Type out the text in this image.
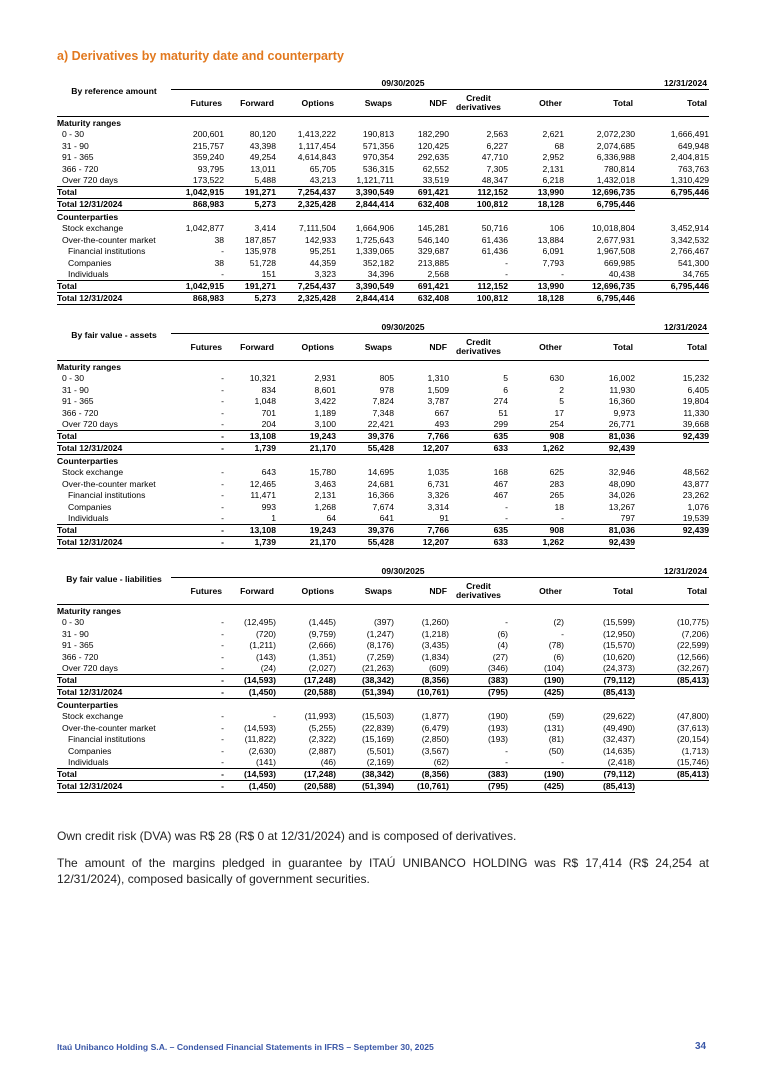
a) Derivatives by maturity date and counterparty
By reference amount	09/30/2025								12/31/2024
	Futures	Forward	Options	Swaps	NDF	Credit derivatives	Other	Total	Total
Maturity ranges									
0 - 30	200,601	80,120	1,413,222	190,813	182,290	2,563	2,621	2,072,230	1,666,491
31 - 90	215,757	43,398	1,117,454	571,356	120,425	6,227	68	2,074,685	649,948
91 - 365	359,240	49,254	4,614,843	970,354	292,635	47,710	2,952	6,336,988	2,404,815
366 - 720	93,795	13,011	65,705	536,315	62,552	7,305	2,131	780,814	763,763
Over 720 days	173,522	5,488	43,213	1,121,711	33,519	48,347	6,218	1,432,018	1,310,429
Total	1,042,915	191,271	7,254,437	3,390,549	691,421	112,152	13,990	12,696,735	6,795,446
Total 12/31/2024	868,983	5,273	2,325,428	2,844,414	632,408	100,812	18,128	6,795,446	
Counterparties									
Stock exchange	1,042,877	3,414	7,111,504	1,664,906	145,281	50,716	106	10,018,804	3,452,914
Over-the-counter market	38	187,857	142,933	1,725,643	546,140	61,436	13,884	2,677,931	3,342,532
Financial institutions	-	135,978	95,251	1,339,065	329,687	61,436	6,091	1,967,508	2,766,467
Companies	38	51,728	44,359	352,182	213,885	-	7,793	669,985	541,300
Individuals	-	151	3,323	34,396	2,568	-	-	40,438	34,765
Total	1,042,915	191,271	7,254,437	3,390,549	691,421	112,152	13,990	12,696,735	6,795,446
Total 12/31/2024	868,983	5,273	2,325,428	2,844,414	632,408	100,812	18,128	6,795,446	
By fair value - assets	09/30/2025								12/31/2024
	Futures	Forward	Options	Swaps	NDF	Credit derivatives	Other	Total	Total
Maturity ranges									
0 - 30	-	10,321	2,931	805	1,310	5	630	16,002	15,232
31 - 90	-	834	8,601	978	1,509	6	2	11,930	6,405
91 - 365	-	1,048	3,422	7,824	3,787	274	5	16,360	19,804
366 - 720	-	701	1,189	7,348	667	51	17	9,973	11,330
Over 720 days	-	204	3,100	22,421	493	299	254	26,771	39,668
Total	-	13,108	19,243	39,376	7,766	635	908	81,036	92,439
Total 12/31/2024	-	1,739	21,170	55,428	12,207	633	1,262	92,439	
Counterparties									
Stock exchange	-	643	15,780	14,695	1,035	168	625	32,946	48,562
Over-the-counter market	-	12,465	3,463	24,681	6,731	467	283	48,090	43,877
Financial institutions	-	11,471	2,131	16,366	3,326	467	265	34,026	23,262
Companies	-	993	1,268	7,674	3,314	-	18	13,267	1,076
Individuals	-	1	64	641	91	-	-	797	19,539
Total	-	13,108	19,243	39,376	7,766	635	908	81,036	92,439
Total 12/31/2024	-	1,739	21,170	55,428	12,207	633	1,262	92,439	
By fair value - liabilities	09/30/2025								12/31/2024
	Futures	Forward	Options	Swaps	NDF	Credit derivatives	Other	Total	Total
Maturity ranges									
0 - 30	-	(12,495)	(1,445)	(397)	(1,260)	-	(2)	(15,599)	(10,775)
31 - 90	-	(720)	(9,759)	(1,247)	(1,218)	(6)	-	(12,950)	(7,206)
91 - 365	-	(1,211)	(2,666)	(8,176)	(3,435)	(4)	(78)	(15,570)	(22,599)
366 - 720	-	(143)	(1,351)	(7,259)	(1,834)	(27)	(6)	(10,620)	(12,566)
Over 720 days	-	(24)	(2,027)	(21,263)	(609)	(346)	(104)	(24,373)	(32,267)
Total	-	(14,593)	(17,248)	(38,342)	(8,356)	(383)	(190)	(79,112)	(85,413)
Total 12/31/2024	-	(1,450)	(20,588)	(51,394)	(10,761)	(795)	(425)	(85,413)	
Counterparties									
Stock exchange	-	-	(11,993)	(15,503)	(1,877)	(190)	(59)	(29,622)	(47,800)
Over-the-counter market	-	(14,593)	(5,255)	(22,839)	(6,479)	(193)	(131)	(49,490)	(37,613)
Financial institutions	-	(11,822)	(2,322)	(15,169)	(2,850)	(193)	(81)	(32,437)	(20,154)
Companies	-	(2,630)	(2,887)	(5,501)	(3,567)	-	(50)	(14,635)	(1,713)
Individuals	-	(141)	(46)	(2,169)	(62)	-	-	(2,418)	(15,746)
Total	-	(14,593)	(17,248)	(38,342)	(8,356)	(383)	(190)	(79,112)	(85,413)
Total 12/31/2024	-	(1,450)	(20,588)	(51,394)	(10,761)	(795)	(425)	(85,413)	
Own credit risk (DVA) was R$ 28 (R$ 0 at 12/31/2024) and is composed of derivatives.
The amount of the margins pledged in guarantee by ITAÚ UNIBANCO HOLDING was R$ 17,414 (R$ 24,254 at 12/31/2024), composed basically of government securities.
Itaú Unibanco Holding S.A. – Condensed Financial Statements in IFRS – September 30, 2025	34
